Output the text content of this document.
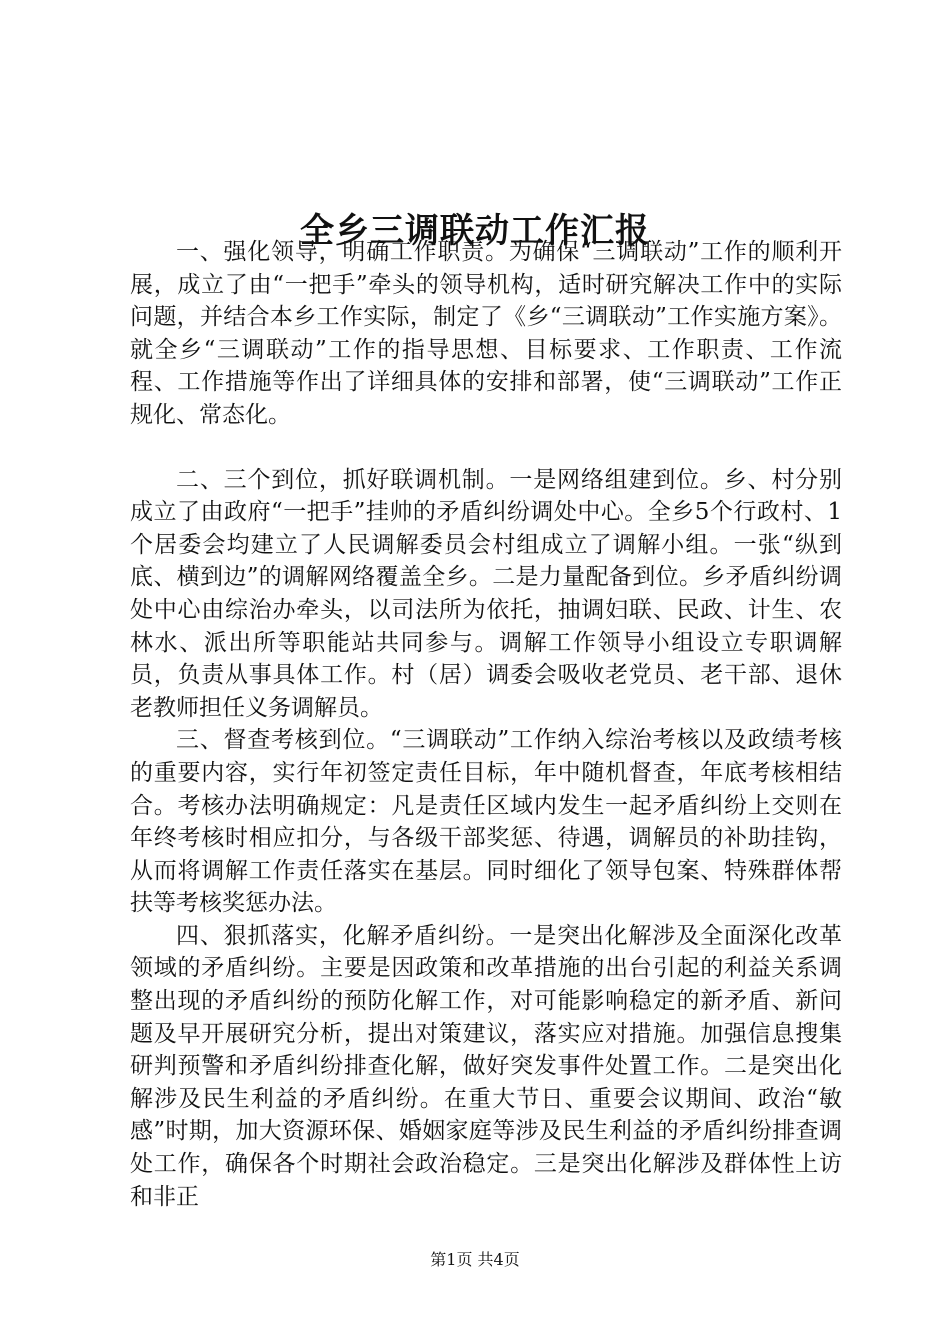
全乡三调联动工作汇报

一、强化领导，明确工作职责。为确保“三调联动”工作的顺利开展，成立了由“一把手”牵头的领导机构，适时研究解决工作中的实际问题，并结合本乡工作实际，制定了《乡“三调联动”工作实施方案》。就全乡“三调联动”工作的指导思想、目标要求、工作职责、工作流程、工作措施等作出了详细具体的安排和部署，使“三调联动”工作正规化、常态化。

二、三个到位，抓好联调机制。一是网络组建到位。乡、村分别成立了由政府“一把手”挂帅的矛盾纠纷调处中心。全乡5个行政村、1个居委会均建立了人民调解委员会村组成立了调解小组。一张“纵到底、横到边”的调解网络覆盖全乡。二是力量配备到位。乡矛盾纠纷调处中心由综治办牵头，以司法所为依托，抽调妇联、民政、计生、农林水、派出所等职能站共同参与。调解工作领导小组设立专职调解员，负责从事具体工作。村（居）调委会吸收老党员、老干部、退休老教师担任义务调解员。

三、督查考核到位。“三调联动”工作纳入综治考核以及政绩考核的重要内容，实行年初签定责任目标，年中随机督查，年底考核相结合。考核办法明确规定：凡是责任区域内发生一起矛盾纠纷上交则在年终考核时相应扣分，与各级干部奖惩、待遇，调解员的补助挂钩，从而将调解工作责任落实在基层。同时细化了领导包案、特殊群体帮扶等考核奖惩办法。

四、狠抓落实，化解矛盾纠纷。一是突出化解涉及全面深化改革领域的矛盾纠纷。主要是因政策和改革措施的出台引起的利益关系调整出现的矛盾纠纷的预防化解工作，对可能影响稳定的新矛盾、新问题及早开展研究分析，提出对策建议，落实应对措施。加强信息搜集研判预警和矛盾纠纷排查化解，做好突发事件处置工作。二是突出化解涉及民生利益的矛盾纠纷。在重大节日、重要会议期间、政治“敏感”时期，加大资源环保、婚姻家庭等涉及民生利益的矛盾纠纷排查调处工作，确保各个时期社会政治稳定。三是突出化解涉及群体性上访和非正

第1页 共4页
